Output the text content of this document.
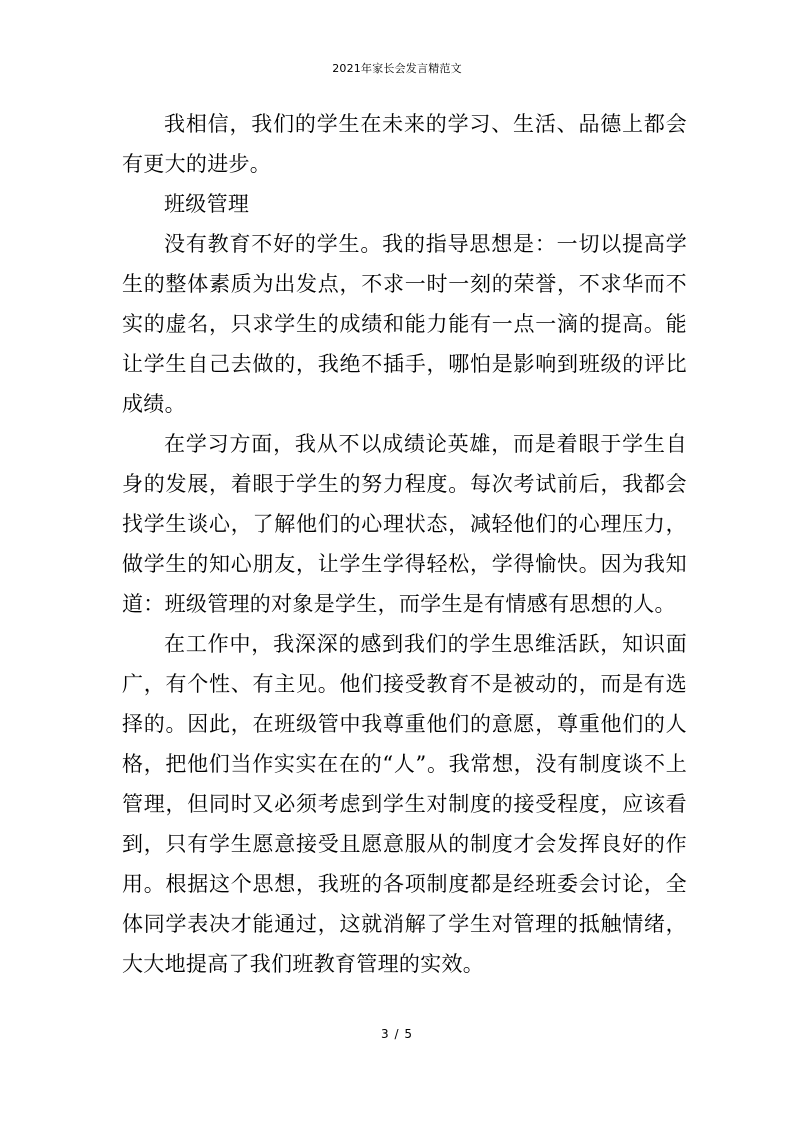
2021年家长会发言精范文

我相信，我们的学生在未来的学习、生活、品德上都会有更大的进步。

班级管理

没有教育不好的学生。我的指导思想是：一切以提高学生的整体素质为出发点，不求一时一刻的荣誉，不求华而不实的虚名，只求学生的成绩和能力能有一点一滴的提高。能让学生自己去做的，我绝不插手，哪怕是影响到班级的评比成绩。

在学习方面，我从不以成绩论英雄，而是着眼于学生自身的发展，着眼于学生的努力程度。每次考试前后，我都会找学生谈心，了解他们的心理状态，减轻他们的心理压力，做学生的知心朋友，让学生学得轻松，学得愉快。因为我知道：班级管理的对象是学生，而学生是有情感有思想的人。

在工作中，我深深的感到我们的学生思维活跃，知识面广，有个性、有主见。他们接受教育不是被动的，而是有选择的。因此，在班级管中我尊重他们的意愿，尊重他们的人格，把他们当作实实在在的“人”。我常想，没有制度谈不上管理，但同时又必须考虑到学生对制度的接受程度，应该看到，只有学生愿意接受且愿意服从的制度才会发挥良好的作用。根据这个思想，我班的各项制度都是经班委会讨论，全体同学表决才能通过，这就消解了学生对管理的抵触情绪，大大地提高了我们班教育管理的实效。

3 / 5
